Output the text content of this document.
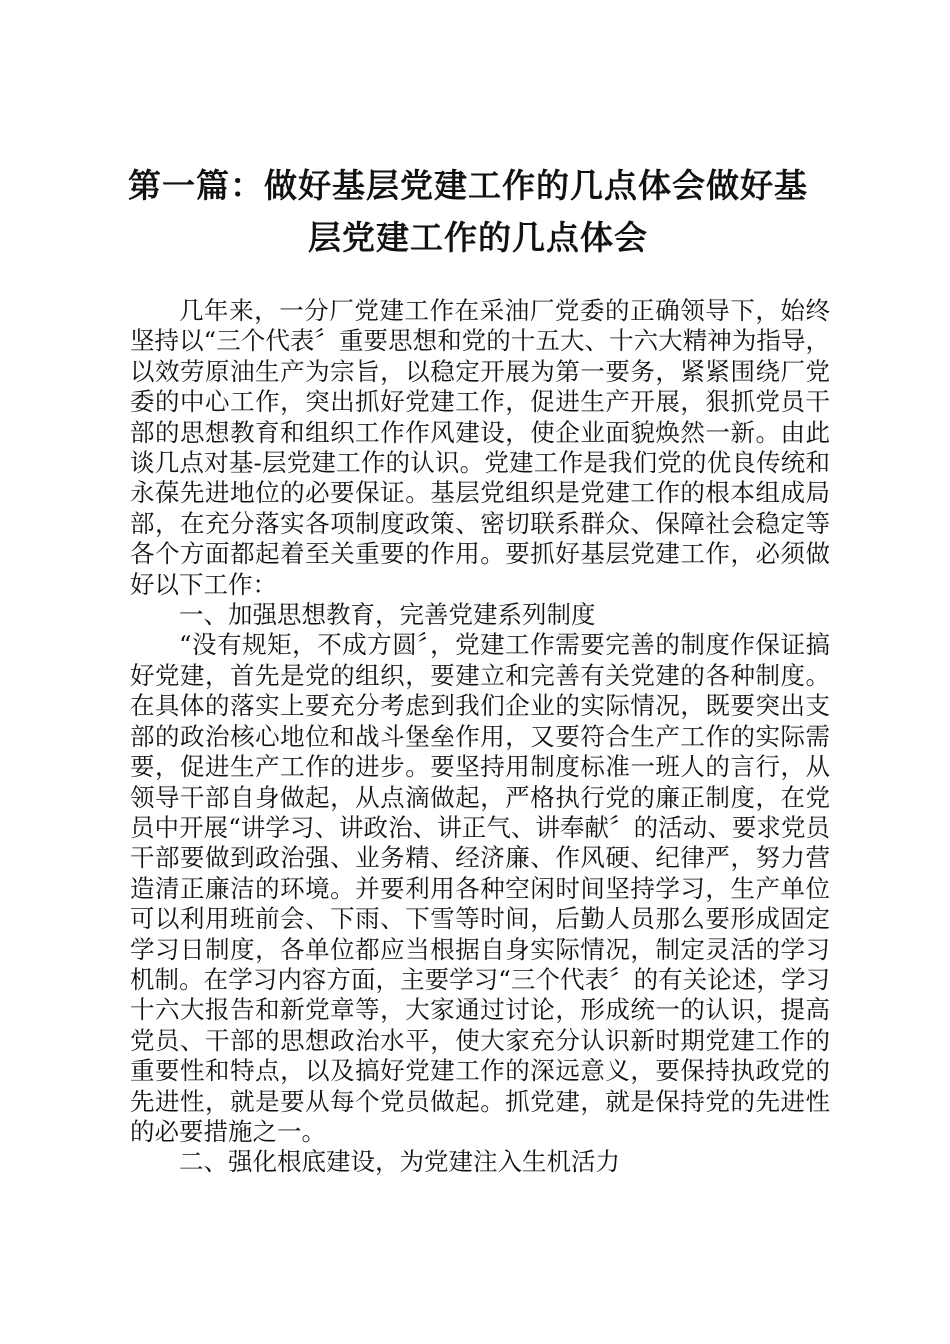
第一篇：做好基层党建工作的几点体会做好基
层党建工作的几点体会

几年来，一分厂党建工作在采油厂党委的正确领导下，始终坚持以“三个代表〞重要思想和党的十五大、十六大精神为指导，以效劳原油生产为宗旨，以稳定开展为第一要务，紧紧围绕厂党委的中心工作，突出抓好党建工作，促进生产开展，狠抓党员干部的思想教育和组织工作作风建设，使企业面貌焕然一新。由此谈几点对基-层党建工作的认识。党建工作是我们党的优良传统和永葆先进地位的必要保证。基层党组织是党建工作的根本组成局部，在充分落实各项制度政策、密切联系群众、保障社会稳定等各个方面都起着至关重要的作用。要抓好基层党建工作，必须做好以下工作：

一、加强思想教育，完善党建系列制度

“没有规矩，不成方圆〞，党建工作需要完善的制度作保证搞好党建，首先是党的组织，要建立和完善有关党建的各种制度。在具体的落实上要充分考虑到我们企业的实际情况，既要突出支部的政治核心地位和战斗堡垒作用，又要符合生产工作的实际需要，促进生产工作的进步。要坚持用制度标准一班人的言行，从领导干部自身做起，从点滴做起，严格执行党的廉正制度，在党员中开展“讲学习、讲政治、讲正气、讲奉献〞的活动、要求党员干部要做到政治强、业务精、经济廉、作风硬、纪律严，努力营造清正廉洁的环境。并要利用各种空闲时间坚持学习，生产单位可以利用班前会、下雨、下雪等时间，后勤人员那么要形成固定学习日制度，各单位都应当根据自身实际情况，制定灵活的学习机制。在学习内容方面，主要学习“三个代表〞的有关论述，学习十六大报告和新党章等，大家通过讨论，形成统一的认识，提高党员、干部的思想政治水平，使大家充分认识新时期党建工作的重要性和特点，以及搞好党建工作的深远意义，要保持执政党的先进性，就是要从每个党员做起。抓党建，就是保持党的先进性的必要措施之一。

二、强化根底建设，为党建注入生机活力
